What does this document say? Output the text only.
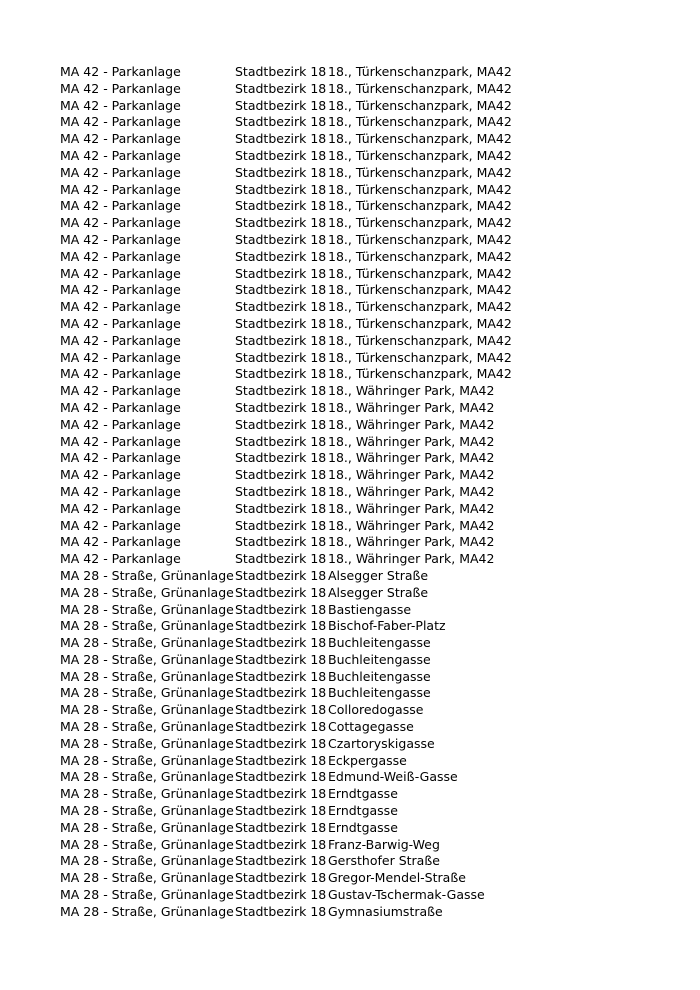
MA 42 - Parkanlage	Stadtbezirk 18 18., Türkenschanzpark, MA42
MA 42 - Parkanlage	Stadtbezirk 18 18., Türkenschanzpark, MA42
MA 42 - Parkanlage	Stadtbezirk 18 18., Türkenschanzpark, MA42
MA 42 - Parkanlage	Stadtbezirk 18 18., Türkenschanzpark, MA42
MA 42 - Parkanlage	Stadtbezirk 18 18., Türkenschanzpark, MA42
MA 42 - Parkanlage	Stadtbezirk 18 18., Türkenschanzpark, MA42
MA 42 - Parkanlage	Stadtbezirk 18 18., Türkenschanzpark, MA42
MA 42 - Parkanlage	Stadtbezirk 18 18., Türkenschanzpark, MA42
MA 42 - Parkanlage	Stadtbezirk 18 18., Türkenschanzpark, MA42
MA 42 - Parkanlage	Stadtbezirk 18 18., Türkenschanzpark, MA42
MA 42 - Parkanlage	Stadtbezirk 18 18., Türkenschanzpark, MA42
MA 42 - Parkanlage	Stadtbezirk 18 18., Türkenschanzpark, MA42
MA 42 - Parkanlage	Stadtbezirk 18 18., Türkenschanzpark, MA42
MA 42 - Parkanlage	Stadtbezirk 18 18., Türkenschanzpark, MA42
MA 42 - Parkanlage	Stadtbezirk 18 18., Türkenschanzpark, MA42
MA 42 - Parkanlage	Stadtbezirk 18 18., Türkenschanzpark, MA42
MA 42 - Parkanlage	Stadtbezirk 18 18., Türkenschanzpark, MA42
MA 42 - Parkanlage	Stadtbezirk 18 18., Türkenschanzpark, MA42
MA 42 - Parkanlage	Stadtbezirk 18 18., Türkenschanzpark, MA42
MA 42 - Parkanlage	Stadtbezirk 18 18., Währinger Park, MA42
MA 42 - Parkanlage	Stadtbezirk 18 18., Währinger Park, MA42
MA 42 - Parkanlage	Stadtbezirk 18 18., Währinger Park, MA42
MA 42 - Parkanlage	Stadtbezirk 18 18., Währinger Park, MA42
MA 42 - Parkanlage	Stadtbezirk 18 18., Währinger Park, MA42
MA 42 - Parkanlage	Stadtbezirk 18 18., Währinger Park, MA42
MA 42 - Parkanlage	Stadtbezirk 18 18., Währinger Park, MA42
MA 42 - Parkanlage	Stadtbezirk 18 18., Währinger Park, MA42
MA 42 - Parkanlage	Stadtbezirk 18 18., Währinger Park, MA42
MA 42 - Parkanlage	Stadtbezirk 18 18., Währinger Park, MA42
MA 42 - Parkanlage	Stadtbezirk 18 18., Währinger Park, MA42
MA 28 - Straße, Grünanlage Stadtbezirk 18 Alsegger Straße
MA 28 - Straße, Grünanlage Stadtbezirk 18 Alsegger Straße
MA 28 - Straße, Grünanlage Stadtbezirk 18 Bastiengasse
MA 28 - Straße, Grünanlage Stadtbezirk 18 Bischof-Faber-Platz
MA 28 - Straße, Grünanlage Stadtbezirk 18 Buchleitengasse
MA 28 - Straße, Grünanlage Stadtbezirk 18 Buchleitengasse
MA 28 - Straße, Grünanlage Stadtbezirk 18 Buchleitengasse
MA 28 - Straße, Grünanlage Stadtbezirk 18 Buchleitengasse
MA 28 - Straße, Grünanlage Stadtbezirk 18 Colloredogasse
MA 28 - Straße, Grünanlage Stadtbezirk 18 Cottagegasse
MA 28 - Straße, Grünanlage Stadtbezirk 18 Czartoryskigasse
MA 28 - Straße, Grünanlage Stadtbezirk 18 Eckpergasse
MA 28 - Straße, Grünanlage Stadtbezirk 18 Edmund-Weiß-Gasse
MA 28 - Straße, Grünanlage Stadtbezirk 18 Erndtgasse
MA 28 - Straße, Grünanlage Stadtbezirk 18 Erndtgasse
MA 28 - Straße, Grünanlage Stadtbezirk 18 Erndtgasse
MA 28 - Straße, Grünanlage Stadtbezirk 18 Franz-Barwig-Weg
MA 28 - Straße, Grünanlage Stadtbezirk 18 Gersthofer Straße
MA 28 - Straße, Grünanlage Stadtbezirk 18 Gregor-Mendel-Straße
MA 28 - Straße, Grünanlage Stadtbezirk 18 Gustav-Tschermak-Gasse
MA 28 - Straße, Grünanlage Stadtbezirk 18 Gymnasiumstraße
